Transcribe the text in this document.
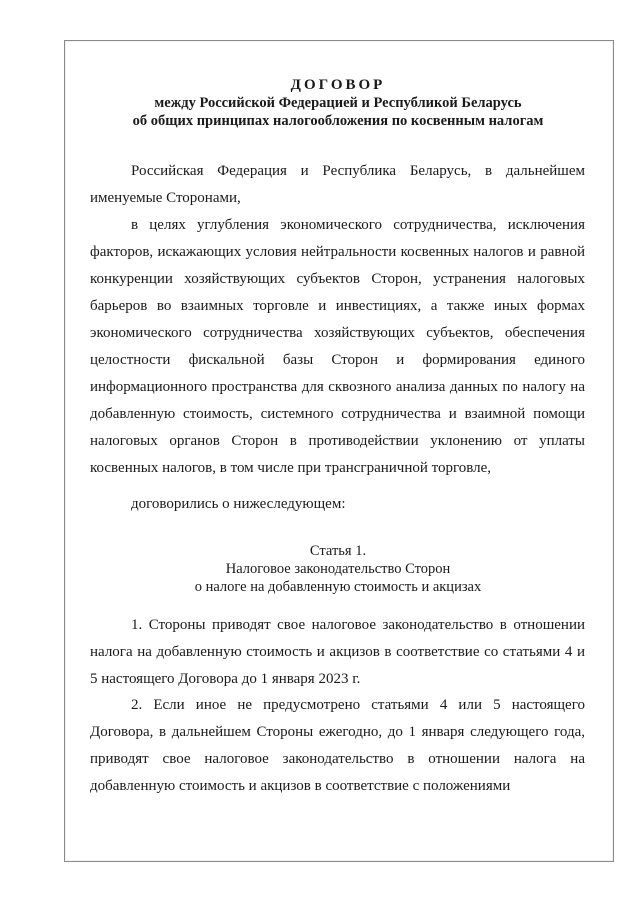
ДОГОВОР
между Российской Федерацией и Республикой Беларусь
об общих принципах налогообложения по косвенным налогам

Российская Федерация и Республика Беларусь, в дальнейшем именуемые Сторонами,

в целях углубления экономического сотрудничества, исключения факторов, искажающих условия нейтральности косвенных налогов и равной конкуренции хозяйствующих субъектов Сторон, устранения налоговых барьеров во взаимных торговле и инвестициях, а также иных формах экономического сотрудничества хозяйствующих субъектов, обеспечения целостности фискальной базы Сторон и формирования единого информационного пространства для сквозного анализа данных по налогу на добавленную стоимость, системного сотрудничества и взаимной помощи налоговых органов Сторон в противодействии уклонению от уплаты косвенных налогов, в том числе при трансграничной торговле,

договорились о нижеследующем:

Статья 1.
Налоговое законодательство Сторон
о налоге на добавленную стоимость и акцизах

1. Стороны приводят свое налоговое законодательство в отношении налога на добавленную стоимость и акцизов в соответствие со статьями 4 и 5 настоящего Договора до 1 января 2023 г.

2. Если иное не предусмотрено статьями 4 или 5 настоящего Договора, в дальнейшем Стороны ежегодно, до 1 января следующего года, приводят свое налоговое законодательство в отношении налога на добавленную стоимость и акцизов в соответствие с положениями
